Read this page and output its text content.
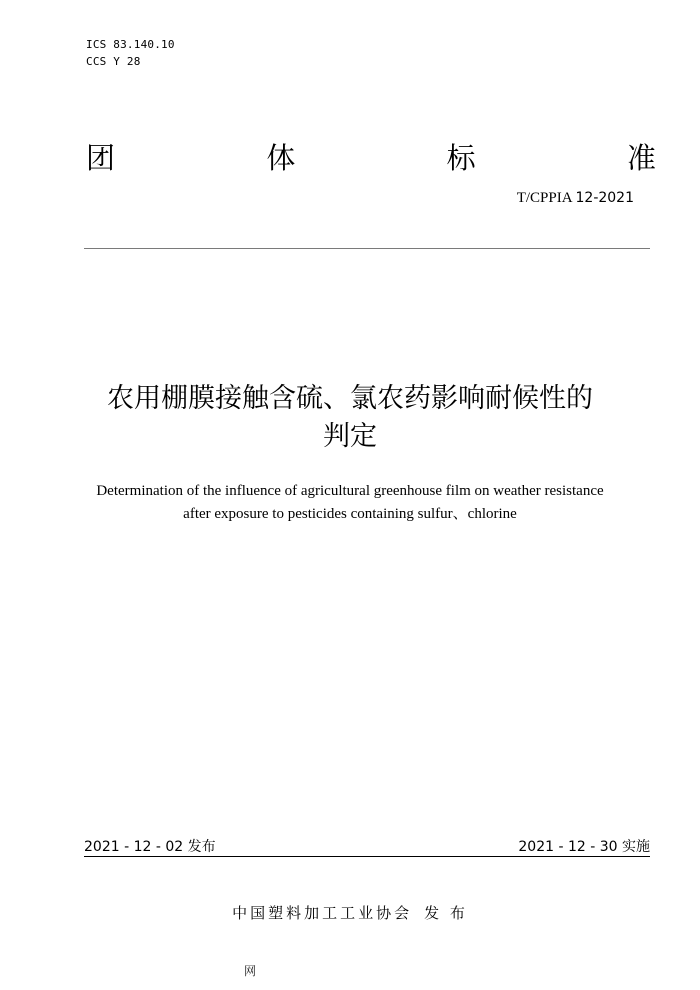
ICS 83.140.10
CCS Y 28
团	体	标	准
T/CPPIA 12-2021
农用棚膜接触含硫、氯农药影响耐候性的
判定
Determination of the influence of agricultural greenhouse film on weather resistance
after exposure to pesticides containing sulfur、chlorine
2021 - 12 - 02 发布	2021 - 12 - 30 实施
中国塑料加工工业协会 发 布
网
